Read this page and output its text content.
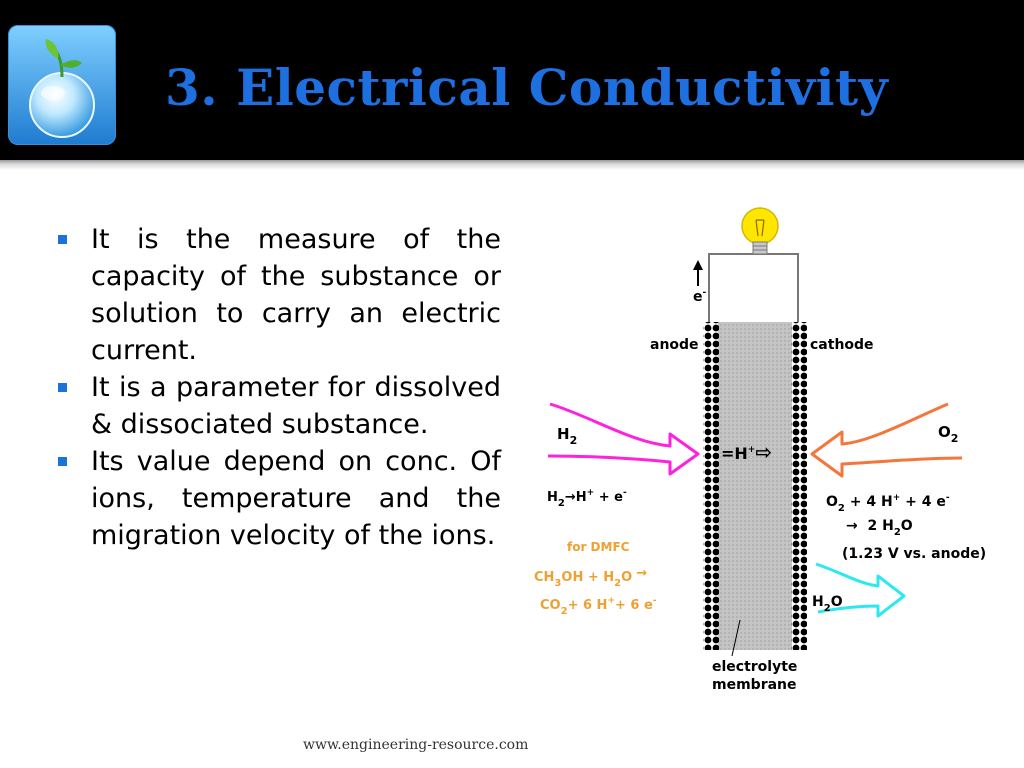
3. Electrical Conductivity
It is the measure of the capacity of the substance or solution to carry an electric current.
It is a parameter for dissolved & dissociated substance.
Its value depend on conc. Of ions, temperature and the migration velocity of the ions.
e-
anode	cathode
=H+⇨
$H_2$	$O_2$
$H_2\to H^+ + e^-$
$O_2 + 4$ H+ + 4 e-
→  2 $H_2O$
(1.23 V vs. anode)
for DMFC
$CH_3OH + H_2O$ →
$CO_2+ 6$ H++ 6 e-	$H_2O$
electrolyte
membrane
www.engineering-resource.com
